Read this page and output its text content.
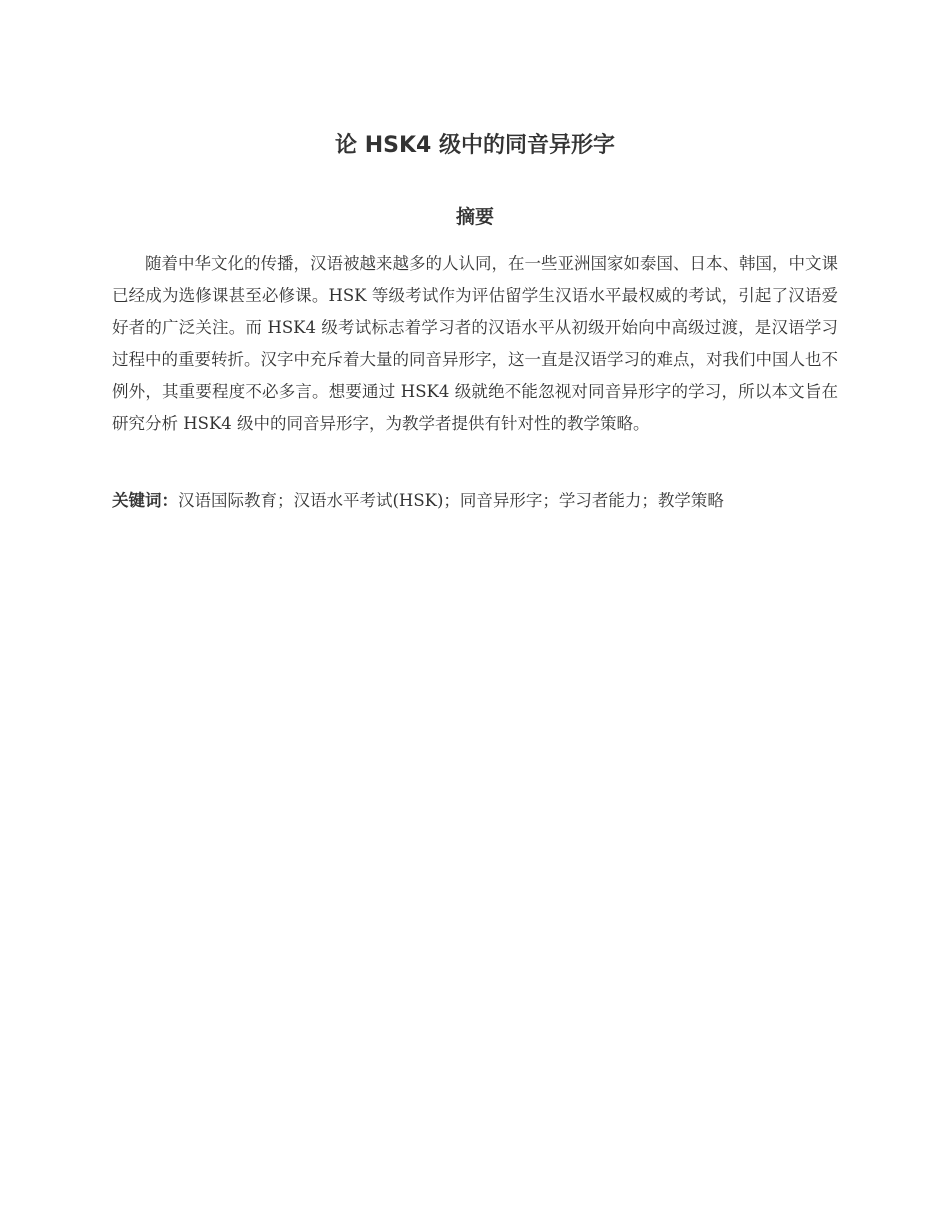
论 HSK4 级中的同音异形字
摘要

随着中华文化的传播，汉语被越来越多的人认同，在一些亚洲国家如泰国、日本、韩国，中文课已经成为选修课甚至必修课。HSK 等级考试作为评估留学生汉语水平最权威的考试，引起了汉语爱好者的广泛关注。而 HSK4 级考试标志着学习者的汉语水平从初级开始向中高级过渡，是汉语学习过程中的重要转折。汉字中充斥着大量的同音异形字，这一直是汉语学习的难点，对我们中国人也不例外，其重要程度不必多言。想要通过 HSK4 级就绝不能忽视对同音异形字的学习，所以本文旨在研究分析 HSK4 级中的同音异形字，为教学者提供有针对性的教学策略。

关键词：汉语国际教育；汉语水平考试(HSK)；同音异形字；学习者能力；教学策略
